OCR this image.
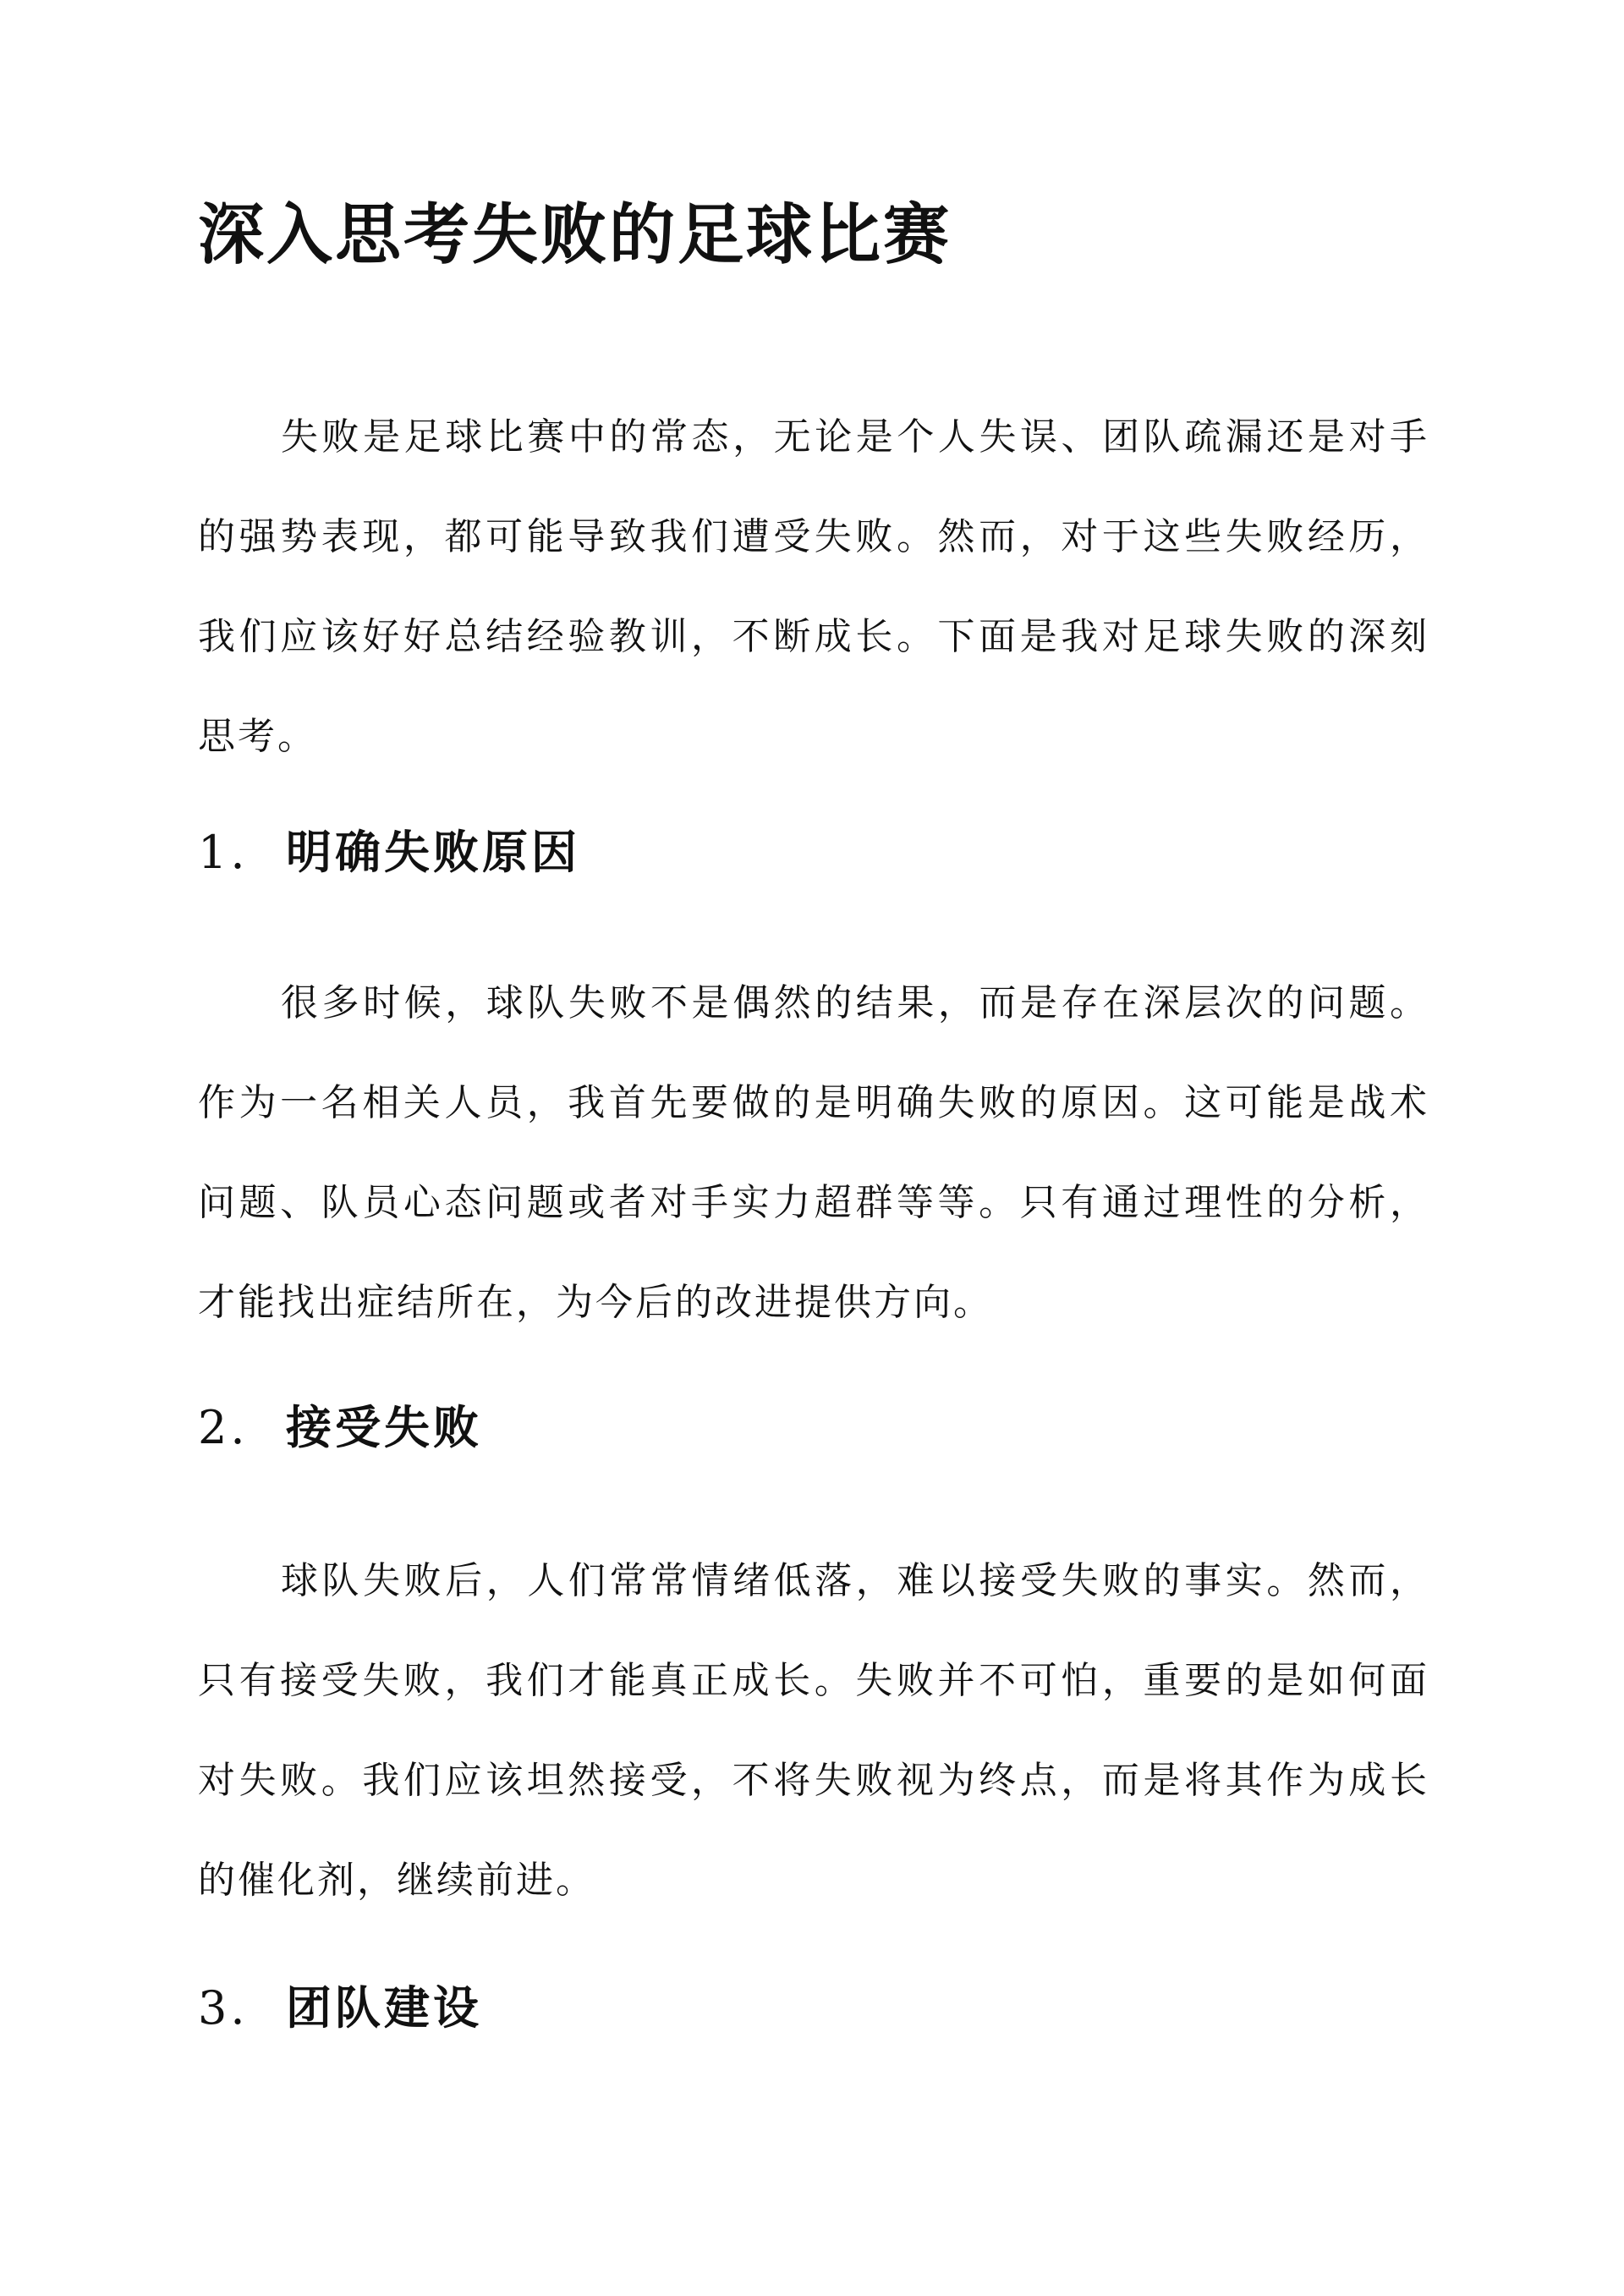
深入思考失败的足球比赛

失败是足球比赛中的常态，无论是个人失误、团队疏漏还是对手的强势表现，都可能导致我们遭受失败。然而，对于这些失败经历，我们应该好好总结经验教训，不断成长。下面是我对足球失败的深刻思考。

1. 明确失败原因

很多时候，球队失败不是偶然的结果，而是存在深层次的问题。作为一名相关人员，我首先要做的是明确失败的原因。这可能是战术问题、队员心态问题或者对手实力超群等等。只有通过理性的分析，才能找出症结所在，为今后的改进提供方向。

2. 接受失败

球队失败后，人们常常情绪低落，难以接受失败的事实。然而，只有接受失败，我们才能真正成长。失败并不可怕，重要的是如何面对失败。我们应该坦然接受，不将失败视为终点，而是将其作为成长的催化剂，继续前进。

3. 团队建设
